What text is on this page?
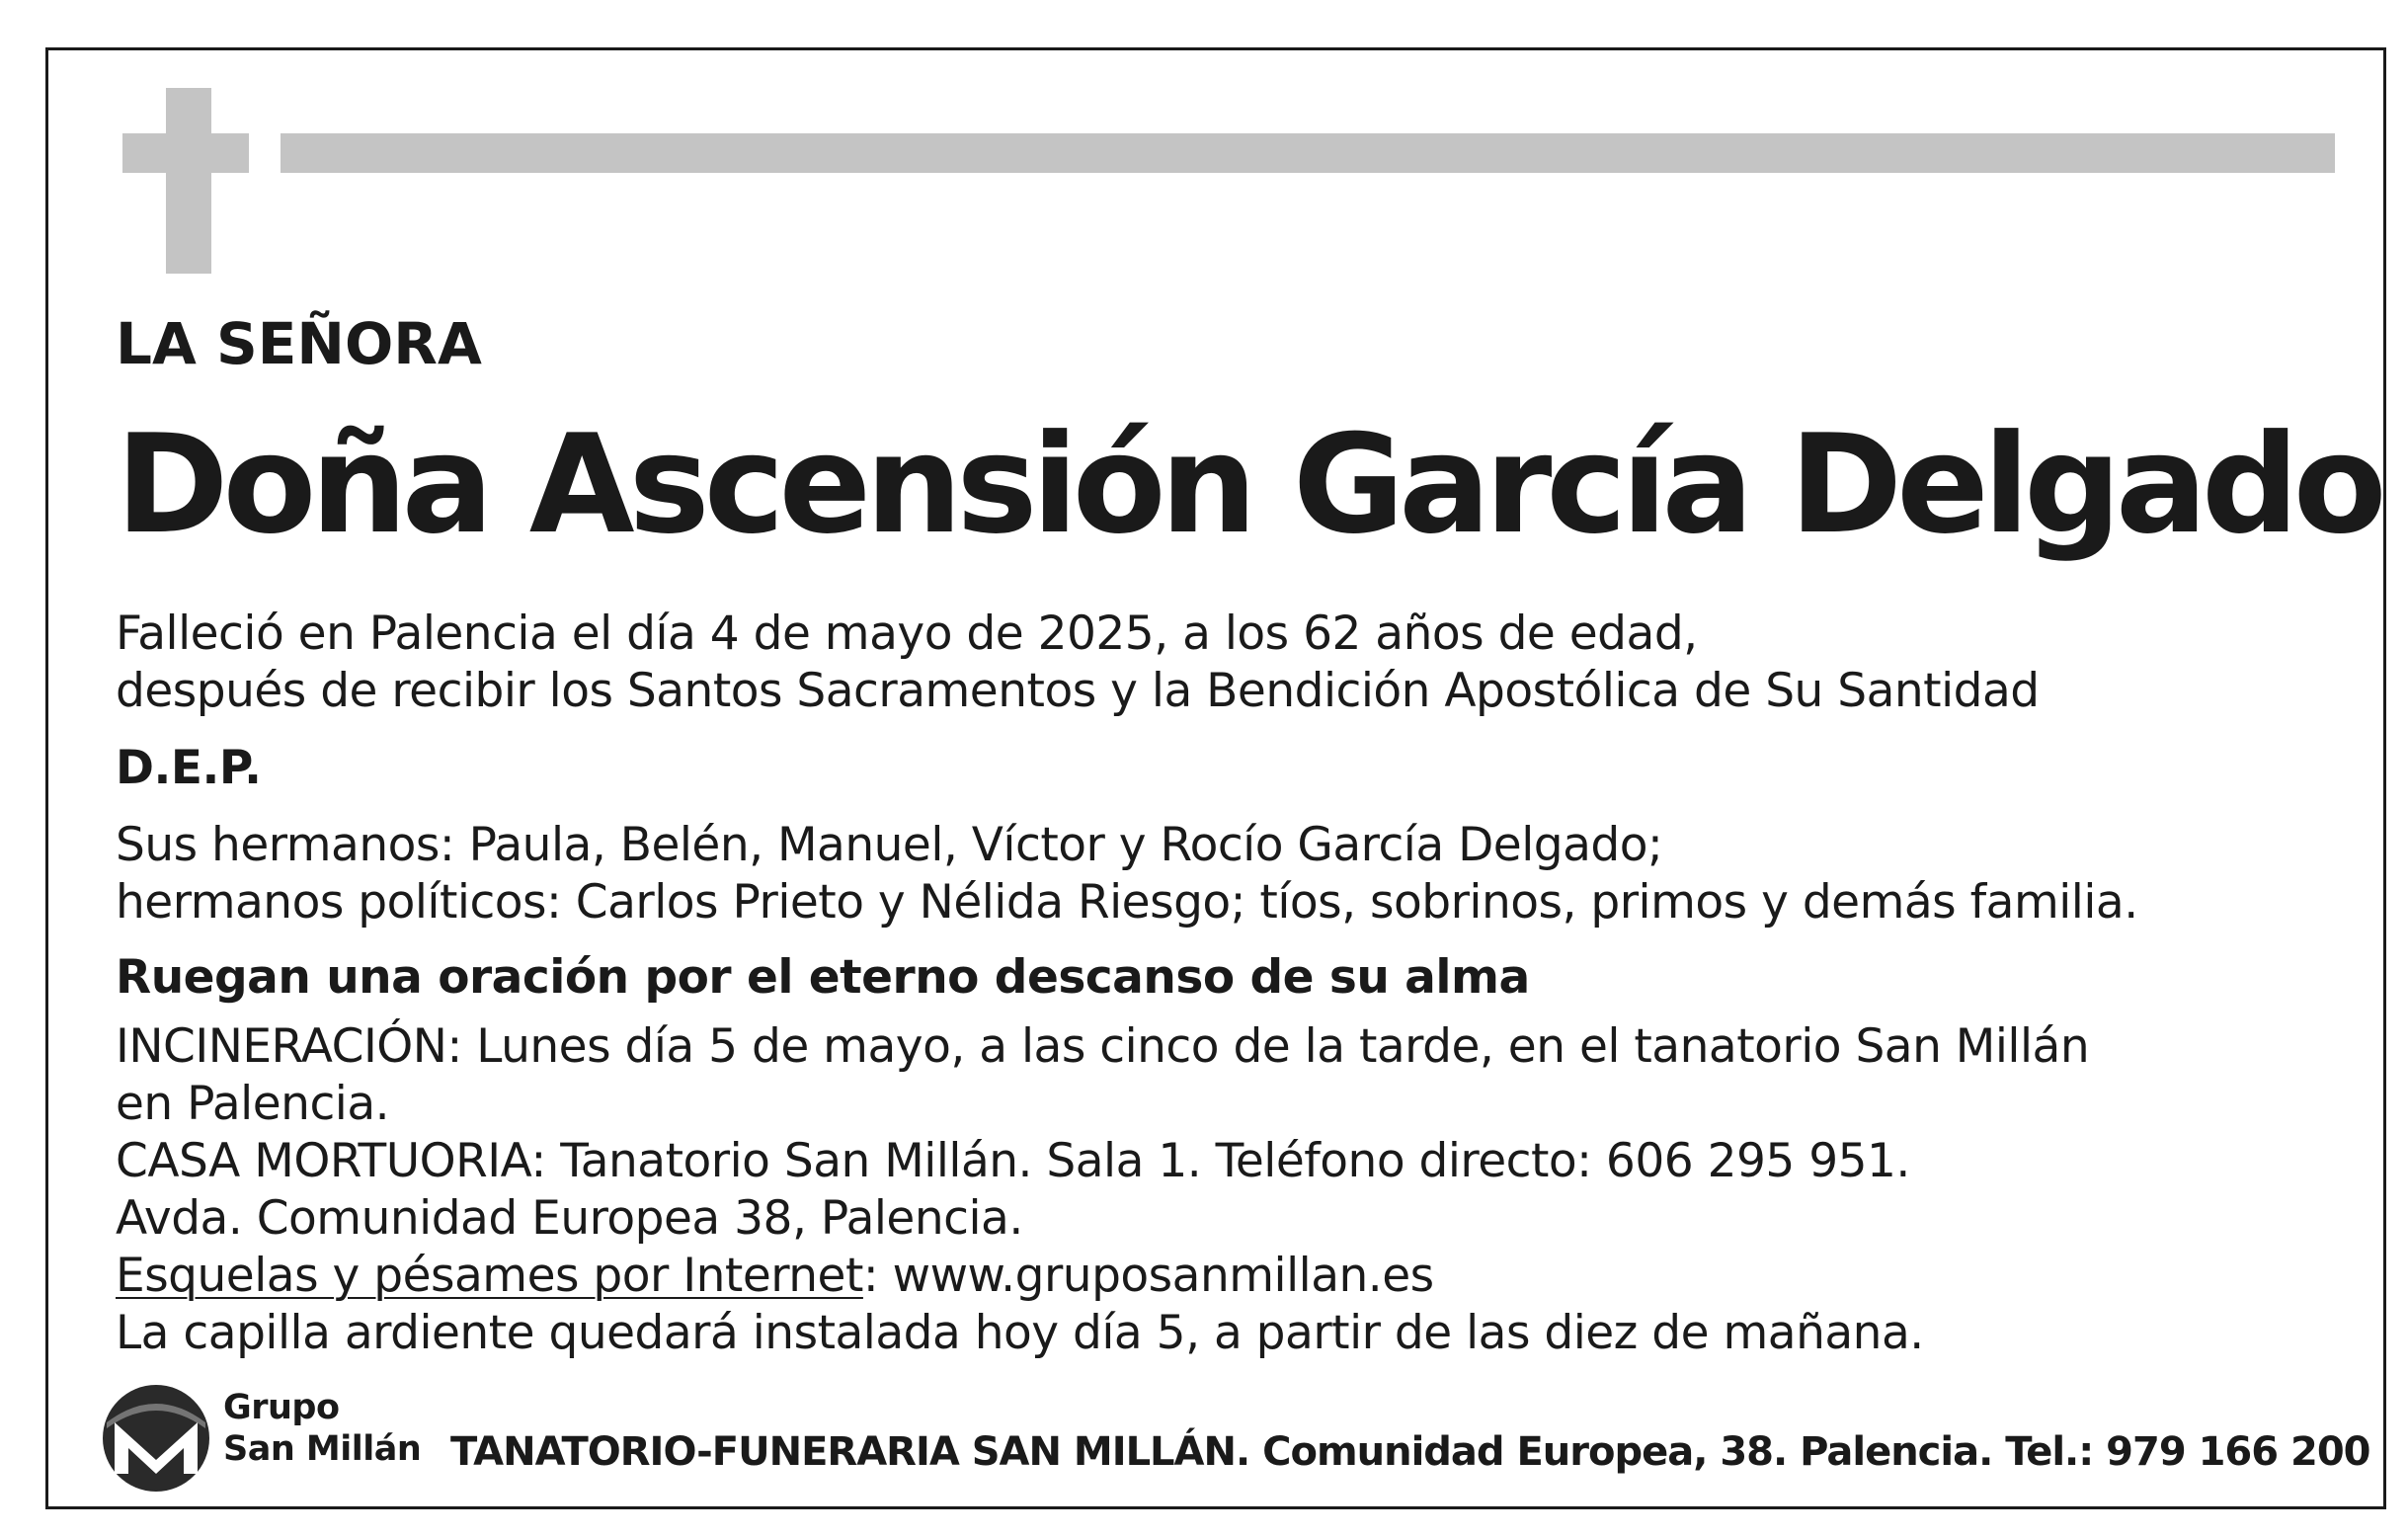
LA SEÑORA
Doña Ascensión García Delgado
Falleció en Palencia el día 4 de mayo de 2025, a los 62 años de edad,
después de recibir los Santos Sacramentos y la Bendición Apostólica de Su Santidad
D.E.P.
Sus hermanos: Paula, Belén, Manuel, Víctor y Rocío García Delgado;
hermanos políticos: Carlos Prieto y Nélida Riesgo; tíos, sobrinos, primos y demás familia.
Ruegan una oración por el eterno descanso de su alma
INCINERACIÓN: Lunes día 5 de mayo, a las cinco de la tarde, en el tanatorio San Millán
en Palencia.
CASA MORTUORIA: Tanatorio San Millán. Sala 1. Teléfono directo: 606 295 951.
Avda. Comunidad Europea 38, Palencia.
Esquelas y pésames por Internet: www.gruposanmillan.es
La capilla ardiente quedará instalada hoy día 5, a partir de las diez de mañana.
Grupo
San Millán TANATORIO-FUNERARIA SAN MILLÁN. Comunidad Europea, 38. Palencia. Tel.: 979 166 200
